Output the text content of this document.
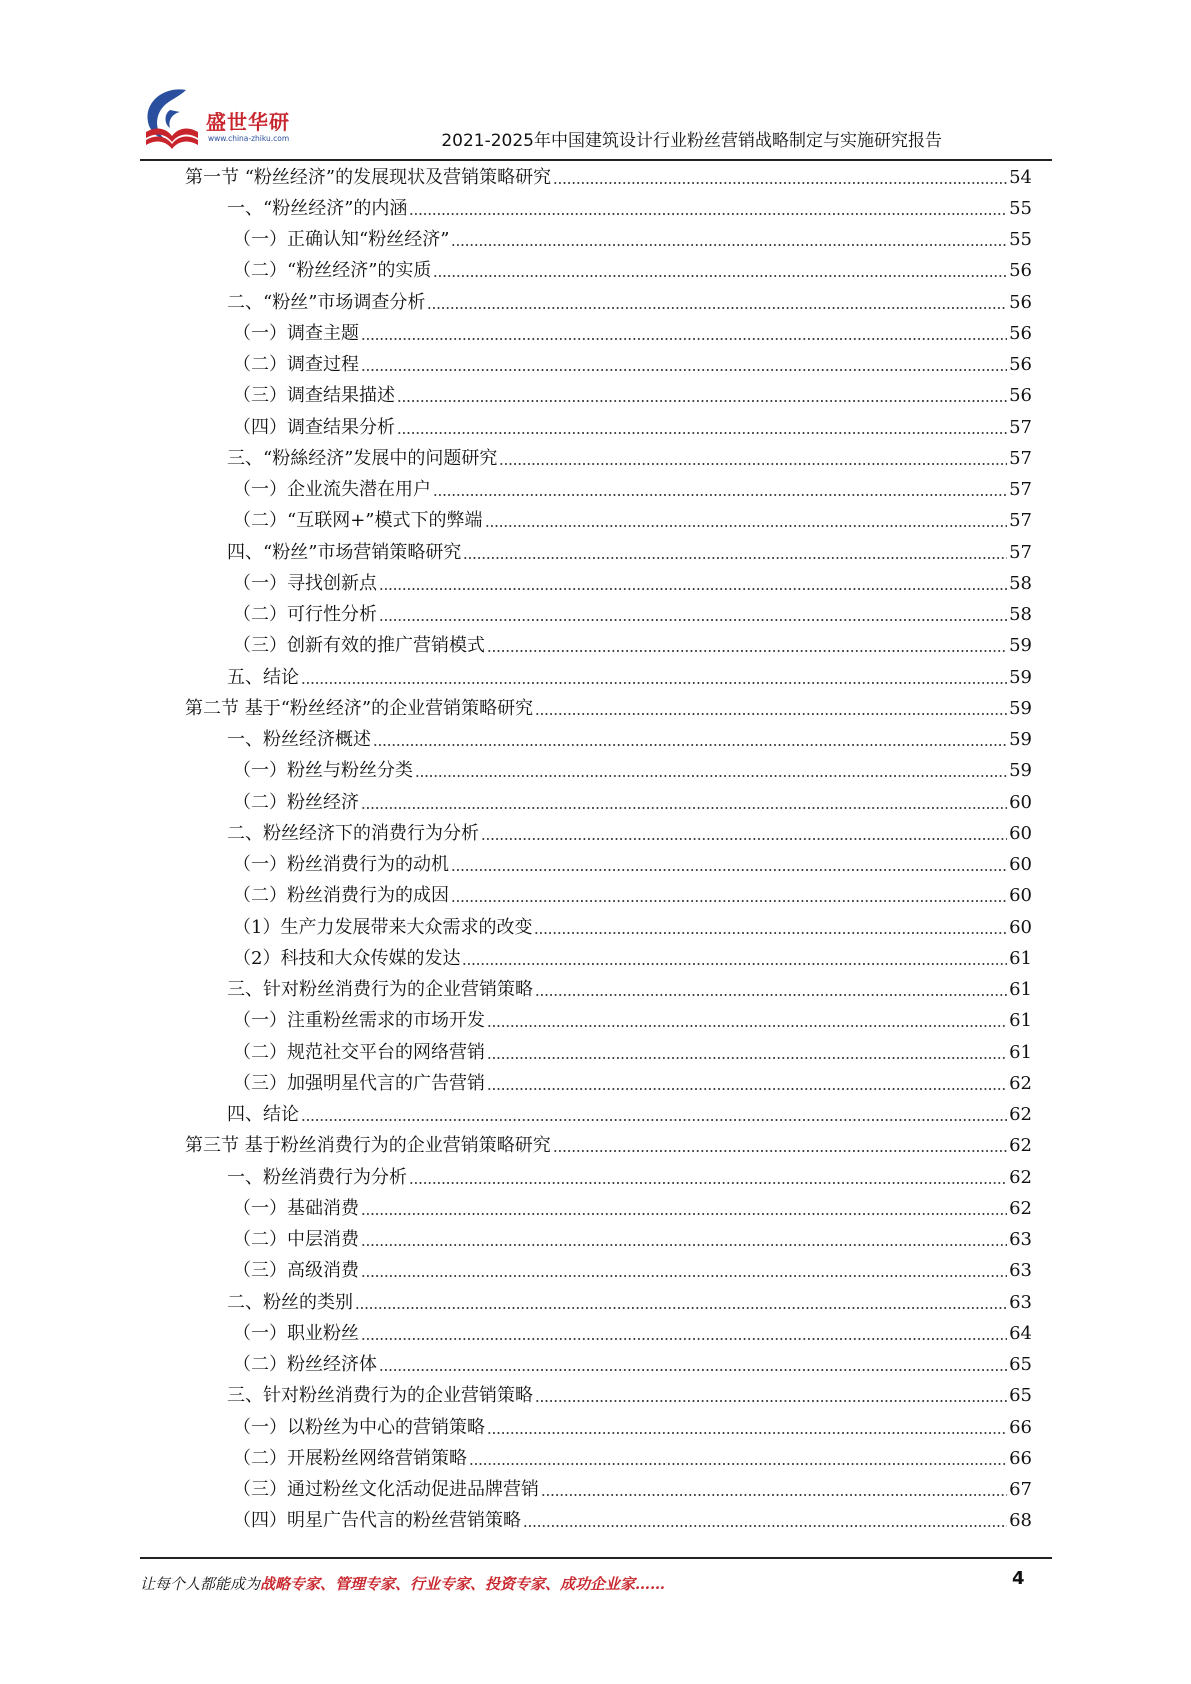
盛世华研
www.china-zhiku.com	2021-2025年中国建筑设计行业粉丝营销战略制定与实施研究报告
第一节 “粉丝经济”的发展现状及营销策略研究	54
一、“粉丝经济”的内涵	55
（一）正确认知“粉丝经济”	55
（二）“粉丝经济”的实质	56
二、“粉丝”市场调查分析	56
（一）调查主题	56
（二）调查过程	56
（三）调查结果描述	56
（四）调查结果分析	57
三、“粉絲经济”发展中的问题研究	57
（一）企业流失潜在用户	57
（二）“互联网+”模式下的弊端	57
四、“粉丝”市场营销策略研究	57
（一）寻找创新点	58
（二）可行性分析	58
（三）创新有效的推广营销模式	59
五、结论	59
第二节 基于“粉丝经济”的企业营销策略研究	59
一、粉丝经济概述	59
（一）粉丝与粉丝分类	59
（二）粉丝经济	60
二、粉丝经济下的消费行为分析	60
（一）粉丝消费行为的动机	60
（二）粉丝消费行为的成因	60
（1）生产力发展带来大众需求的改变	60
（2）科技和大众传媒的发达	61
三、针对粉丝消费行为的企业营销策略	61
（一）注重粉丝需求的市场开发	61
（二）规范社交平台的网络营销	61
（三）加强明星代言的广告营销	62
四、结论	62
第三节 基于粉丝消费行为的企业营销策略研究	62
一、粉丝消费行为分析	62
（一）基础消费	62
（二）中层消费	63
（三）高级消费	63
二、粉丝的类别	63
（一）职业粉丝	64
（二）粉丝经济体	65
三、针对粉丝消费行为的企业营销策略	65
（一）以粉丝为中心的营销策略	66
（二）开展粉丝网络营销策略	66
（三）通过粉丝文化活动促进品牌营销	67
（四）明星广告代言的粉丝营销策略	68
让每个人都能成为战略专家、管理专家、行业专家、投资专家、成功企业家……	4
